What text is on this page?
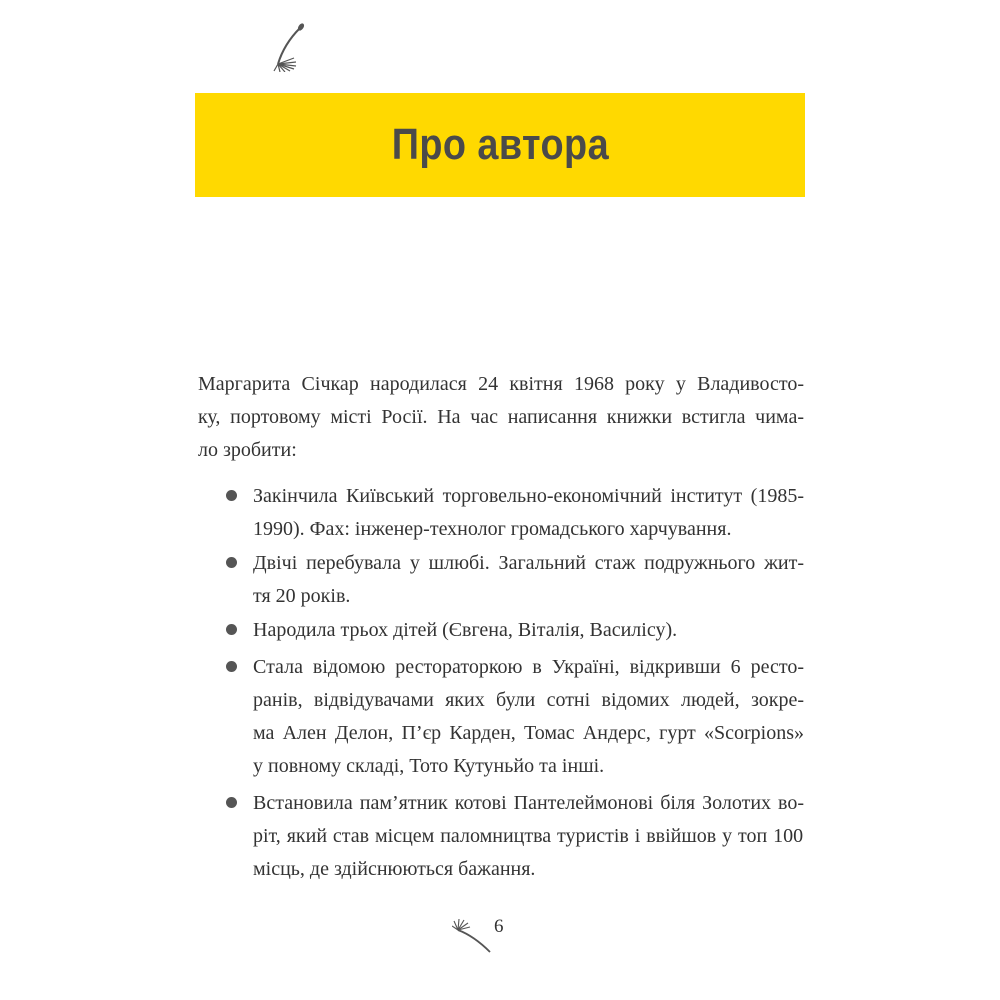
Про автора
Маргарита Січкар народилася 24 квітня 1968 року у Владивосто-
ку, портовому місті Росії. На час написання книжки встигла чима-
ло зробити:
Закінчила Київський торговельно-економічний інститут (1985-
1990). Фах: інженер-технолог громадського харчування.
Двічі перебувала у шлюбі. Загальний стаж подружнього жит-
тя 20 років.
Народила трьох дітей (Євгена, Віталія, Василісу).
Стала відомою рестораторкою в Україні, відкривши 6 ресто-
ранів, відвідувачами яких були сотні відомих людей, зокре-
ма Ален Делон, П’єр Карден, Томас Андерс, гурт «Scorpions»
у повному складі, Тото Кутуньйо та інші.
Встановила пам’ятник котові Пантелеймонові біля Золотих во-
ріт, який став місцем паломництва туристів і ввійшов у топ 100
місць, де здійснюються бажання.
6
